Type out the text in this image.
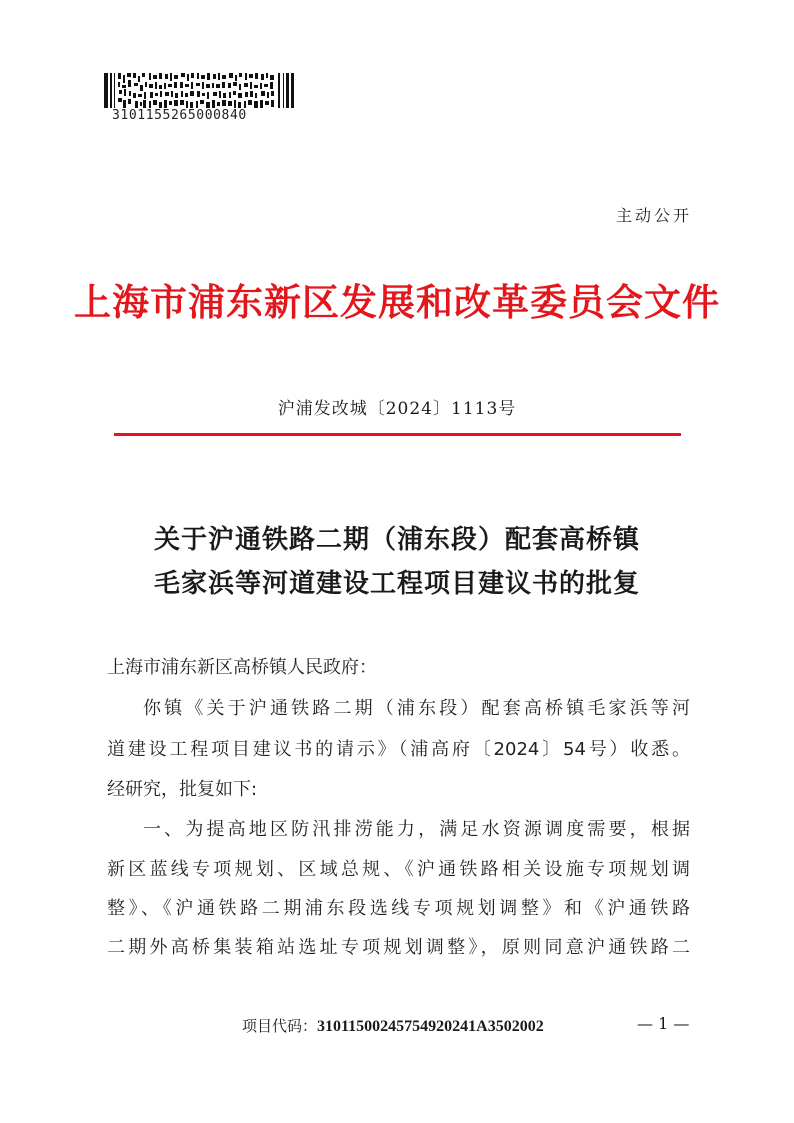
3101155265000840
主动公开
上海市浦东新区发展和改革委员会文件
沪浦发改城〔2024〕1113号
关于沪通铁路二期（浦东段）配套高桥镇
毛家浜等河道建设工程项目建议书的批复
上海市浦东新区高桥镇人民政府：
你镇《关于沪通铁路二期（浦东段）配套高桥镇毛家浜等河
道建设工程项目建议书的请示》（浦高府〔2024〕54号）收悉。
经研究，批复如下:
一、为提高地区防汛排涝能力，满足水资源调度需要，根据
新区蓝线专项规划、区域总规、《沪通铁路相关设施专项规划调
整》、《沪通铁路二期浦东段选线专项规划调整》和《沪通铁路
二期外高桥集装箱站选址专项规划调整》，原则同意沪通铁路二
项目代码：31011500245754920241A3502002	— 1 —
